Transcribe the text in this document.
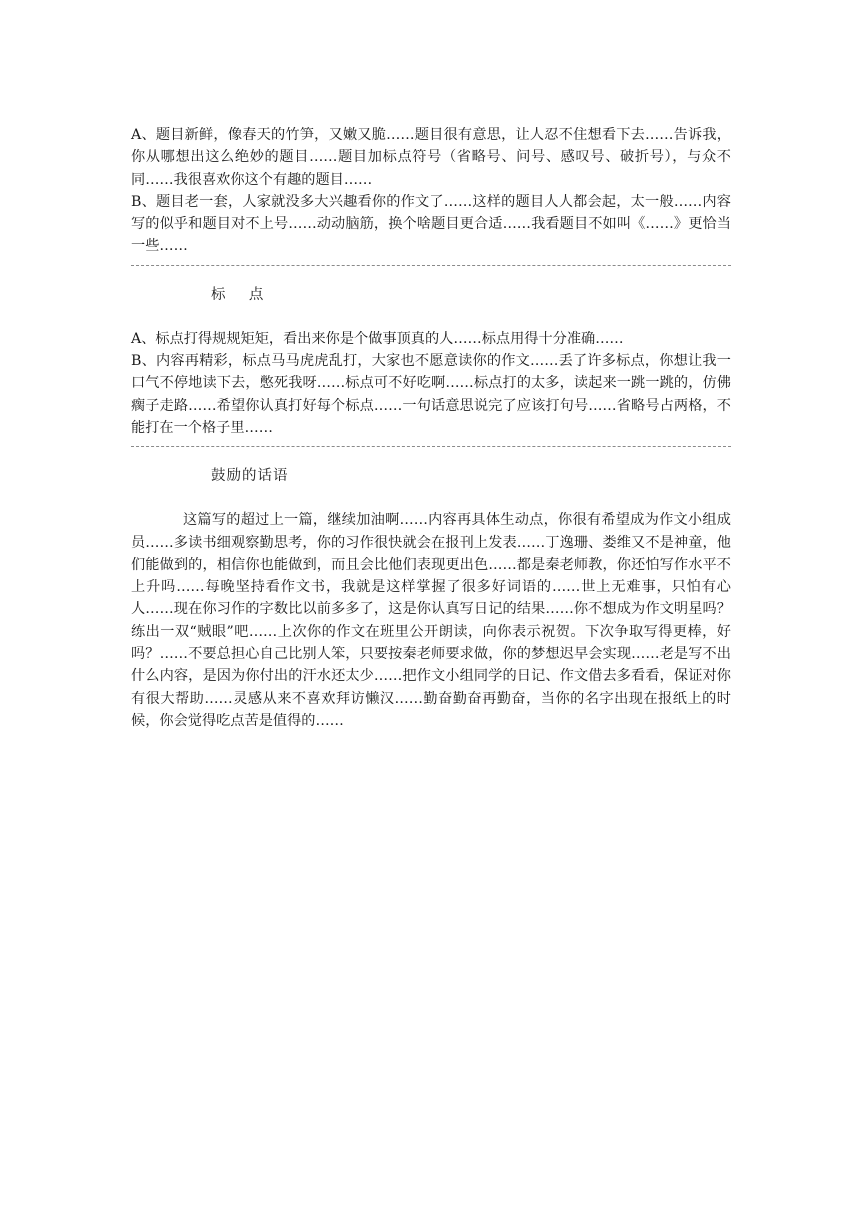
A、题目新鲜，像春天的竹笋，又嫩又脆……题目很有意思，让人忍不住想看下去……告诉我，你从哪想出这么绝妙的题目……题目加标点符号（省略号、问号、感叹号、破折号），与众不同……我很喜欢你这个有趣的题目……

B、题目老一套，人家就没多大兴趣看你的作文了……这样的题目人人都会起，太一般……内容写的似乎和题目对不上号……动动脑筋，换个啥题目更合适……我看题目不如叫《……》更恰当一些……

标    点

A、标点打得规规矩矩，看出来你是个做事顶真的人……标点用得十分准确……

B、内容再精彩，标点马马虎虎乱打，大家也不愿意读你的作文……丢了许多标点，你想让我一口气不停地读下去，憋死我呀……标点可不好吃啊……标点打的太多，读起来一跳一跳的，仿佛瘸子走路……希望你认真打好每个标点……一句话意思说完了应该打句号……省略号占两格，不能打在一个格子里……

鼓励的话语

这篇写的超过上一篇，继续加油啊……内容再具体生动点，你很有希望成为作文小组成员……多读书细观察勤思考，你的习作很快就会在报刊上发表……丁逸珊、娄维又不是神童，他们能做到的，相信你也能做到，而且会比他们表现更出色……都是秦老师教，你还怕写作水平不上升吗……每晚坚持看作文书，我就是这样掌握了很多好词语的……世上无难事，只怕有心人……现在你习作的字数比以前多多了，这是你认真写日记的结果……你不想成为作文明星吗？练出一双“贼眼”吧……上次你的作文在班里公开朗读，向你表示祝贺。下次争取写得更棒，好吗？……不要总担心自己比别人笨，只要按秦老师要求做，你的梦想迟早会实现……老是写不出什么内容，是因为你付出的汗水还太少……把作文小组同学的日记、作文借去多看看，保证对你有很大帮助……灵感从来不喜欢拜访懒汉……勤奋勤奋再勤奋，当你的名字出现在报纸上的时候，你会觉得吃点苦是值得的……
